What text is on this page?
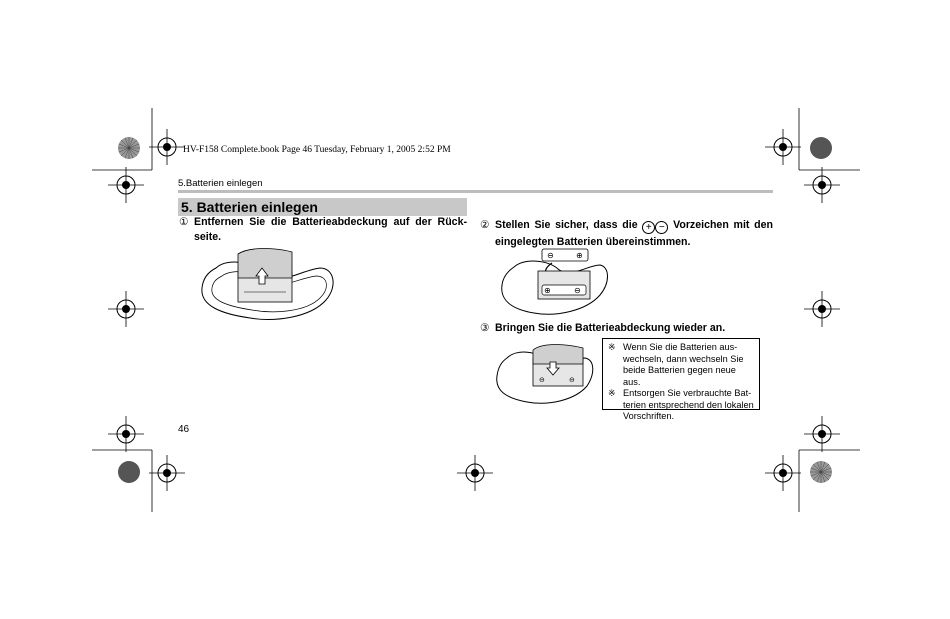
HV-F158 Complete.book Page 46 Tuesday, February 1, 2005 2:52 PM
5.Batterien einlegen
5. Batterien einlegen
① Entfernen Sie die Batterieabdeckung auf der Rück- seite.
② Stellen Sie sicher, dass die + − Vorzeichen mit den eingelegten Batterien übereinstimmen.
③ Bringen Sie die Batterieabdeckung wieder an.
⊖	⊕
⊕	⊖
⊖	⊖
※ Wenn Sie die Batterien aus- wechseln, dann wechseln Sie beide Batterien gegen neue aus.
※ Entsorgen Sie verbrauchte Bat- terien entsprechend den lokalen Vorschriften.
46
